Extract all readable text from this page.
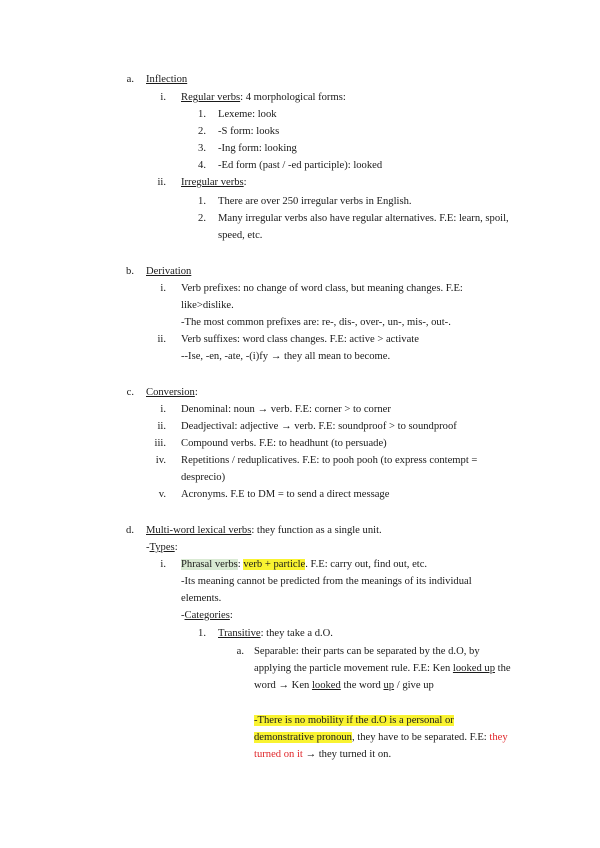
a. Inflection
i. Regular verbs: 4 morphological forms:
1. Lexeme: look
2. -S form: looks
3. -Ing form: looking
4. -Ed form (past / -ed participle): looked
ii. Irregular verbs:
1. There are over 250 irregular verbs in English.
2. Many irregular verbs also have regular alternatives. F.E: learn, spoil,
speed, etc.
b. Derivation
i. Verb prefixes: no change of word class, but meaning changes. F.E:
like>dislike.
-The most common prefixes are: re-, dis-, over-, un-, mis-, out-.
ii. Verb suffixes: word class changes. F.E: active > activate
--Ise, -en, -ate, -(i)fy → they all mean to become.
c. Conversion:
i. Denominal: noun → verb. F.E: corner > to corner
ii. Deadjectival: adjective → verb. F.E: soundproof > to soundproof
iii. Compound verbs. F.E: to headhunt (to persuade)
iv. Repetitions / reduplicatives. F.E: to pooh pooh (to express contempt =
desprecio)
v. Acronyms. F.E to DM = to send a direct message
d. Multi-word lexical verbs: they function as a single unit.
-Types:
i. Phrasal verbs: verb + particle. F.E: carry out, find out, etc.
-Its meaning cannot be predicted from the meanings of its individual
elements.
-Categories:
1. Transitive: they take a d.O.
a. Separable: their parts can be separated by the d.O, by
applying the particle movement rule. F.E: Ken looked up the
word → Ken looked the word up / give up
-There is no mobility if the d.O is a personal or
demonstrative pronoun, they have to be separated. F.E: they
turned on it → they turned it on.
